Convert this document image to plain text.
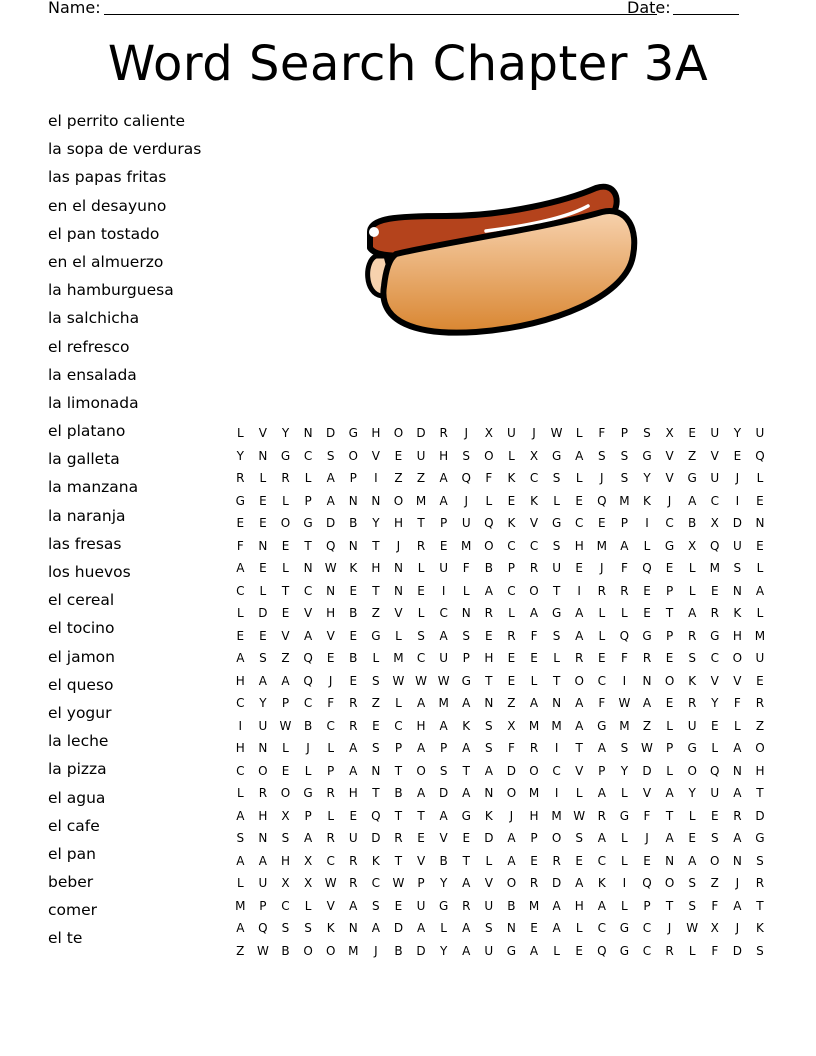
Name:	Date:
Word Search Chapter 3A
el perrito caliente
la sopa de verduras
las papas fritas
en el desayuno
el pan tostado
en el almuerzo
la hamburguesa
la salchicha
el refresco
la ensalada
la limonada
el platano
la galleta
la manzana
la naranja
las fresas
los huevos
el cereal
el tocino
el jamon
el queso
el yogur
la leche
la pizza
el agua
el cafe
el pan
beber
comer
el te
L	V	Y	N	D	G	H	O	D	R	J	X	U	J	W	L	F	P	S	X	E	U	Y	U
Y	N	G	C	S	O	V	E	U	H	S	O	L	X	G	A	S	S	G	V	Z	V	E	Q
R	L	R	L	A	P	I	Z	Z	A	Q	F	K	C	S	L	J	S	Y	V	G	U	J	L
G	E	L	P	A	N	N	O	M	A	J	L	E	K	L	E	Q	M	K	J	A	C	I	E
E	E	O	G	D	B	Y	H	T	P	U	Q	K	V	G	C	E	P	I	C	B	X	D	N
F	N	E	T	Q	N	T	J	R	E	M	O	C	C	S	H	M	A	L	G	X	Q	U	E
A	E	L	N	W	K	H	N	L	U	F	B	P	R	U	E	J	F	Q	E	L	M	S	L
C	L	T	C	N	E	T	N	E	I	L	A	C	O	T	I	R	R	E	P	L	E	N	A
L	D	E	V	H	B	Z	V	L	C	N	R	L	A	G	A	L	L	E	T	A	R	K	L
E	E	V	A	V	E	G	L	S	A	S	E	R	F	S	A	L	Q	G	P	R	G	H	M
A	S	Z	Q	E	B	L	M	C	U	P	H	E	E	L	R	E	F	R	E	S	C	O	U
H	A	A	Q	J	E	S	W	W	W	G	T	E	L	T	O	C	I	N	O	K	V	V	E
C	Y	P	C	F	R	Z	L	A	M	A	N	Z	A	N	A	F	W	A	E	R	Y	F	R
I	U	W	B	C	R	E	C	H	A	K	S	X	M	M	A	G	M	Z	L	U	E	L	Z
H	N	L	J	L	A	S	P	A	P	A	S	F	R	I	T	A	S	W	P	G	L	A	O
C	O	E	L	P	A	N	T	O	S	T	A	D	O	C	V	P	Y	D	L	O	Q	N	H
L	R	O	G	R	H	T	B	A	D	A	N	O	M	I	L	A	L	V	A	Y	U	A	T
A	H	X	P	L	E	Q	T	T	A	G	K	J	H	M	W	R	G	F	T	L	E	R	D
S	N	S	A	R	U	D	R	E	V	E	D	A	P	O	S	A	L	J	A	E	S	A	G
A	A	H	X	C	R	K	T	V	B	T	L	A	E	R	E	C	L	E	N	A	O	N	S
L	U	X	X	W	R	C	W	P	Y	A	V	O	R	D	A	K	I	Q	O	S	Z	J	R
M	P	C	L	V	A	S	E	U	G	R	U	B	M	A	H	A	L	P	T	S	F	A	T
A	Q	S	S	K	N	A	D	A	L	A	S	N	E	A	L	C	G	C	J	W	X	J	K
Z	W	B	O	O	M	J	B	D	Y	A	U	G	A	L	E	Q	G	C	R	L	F	D	S
